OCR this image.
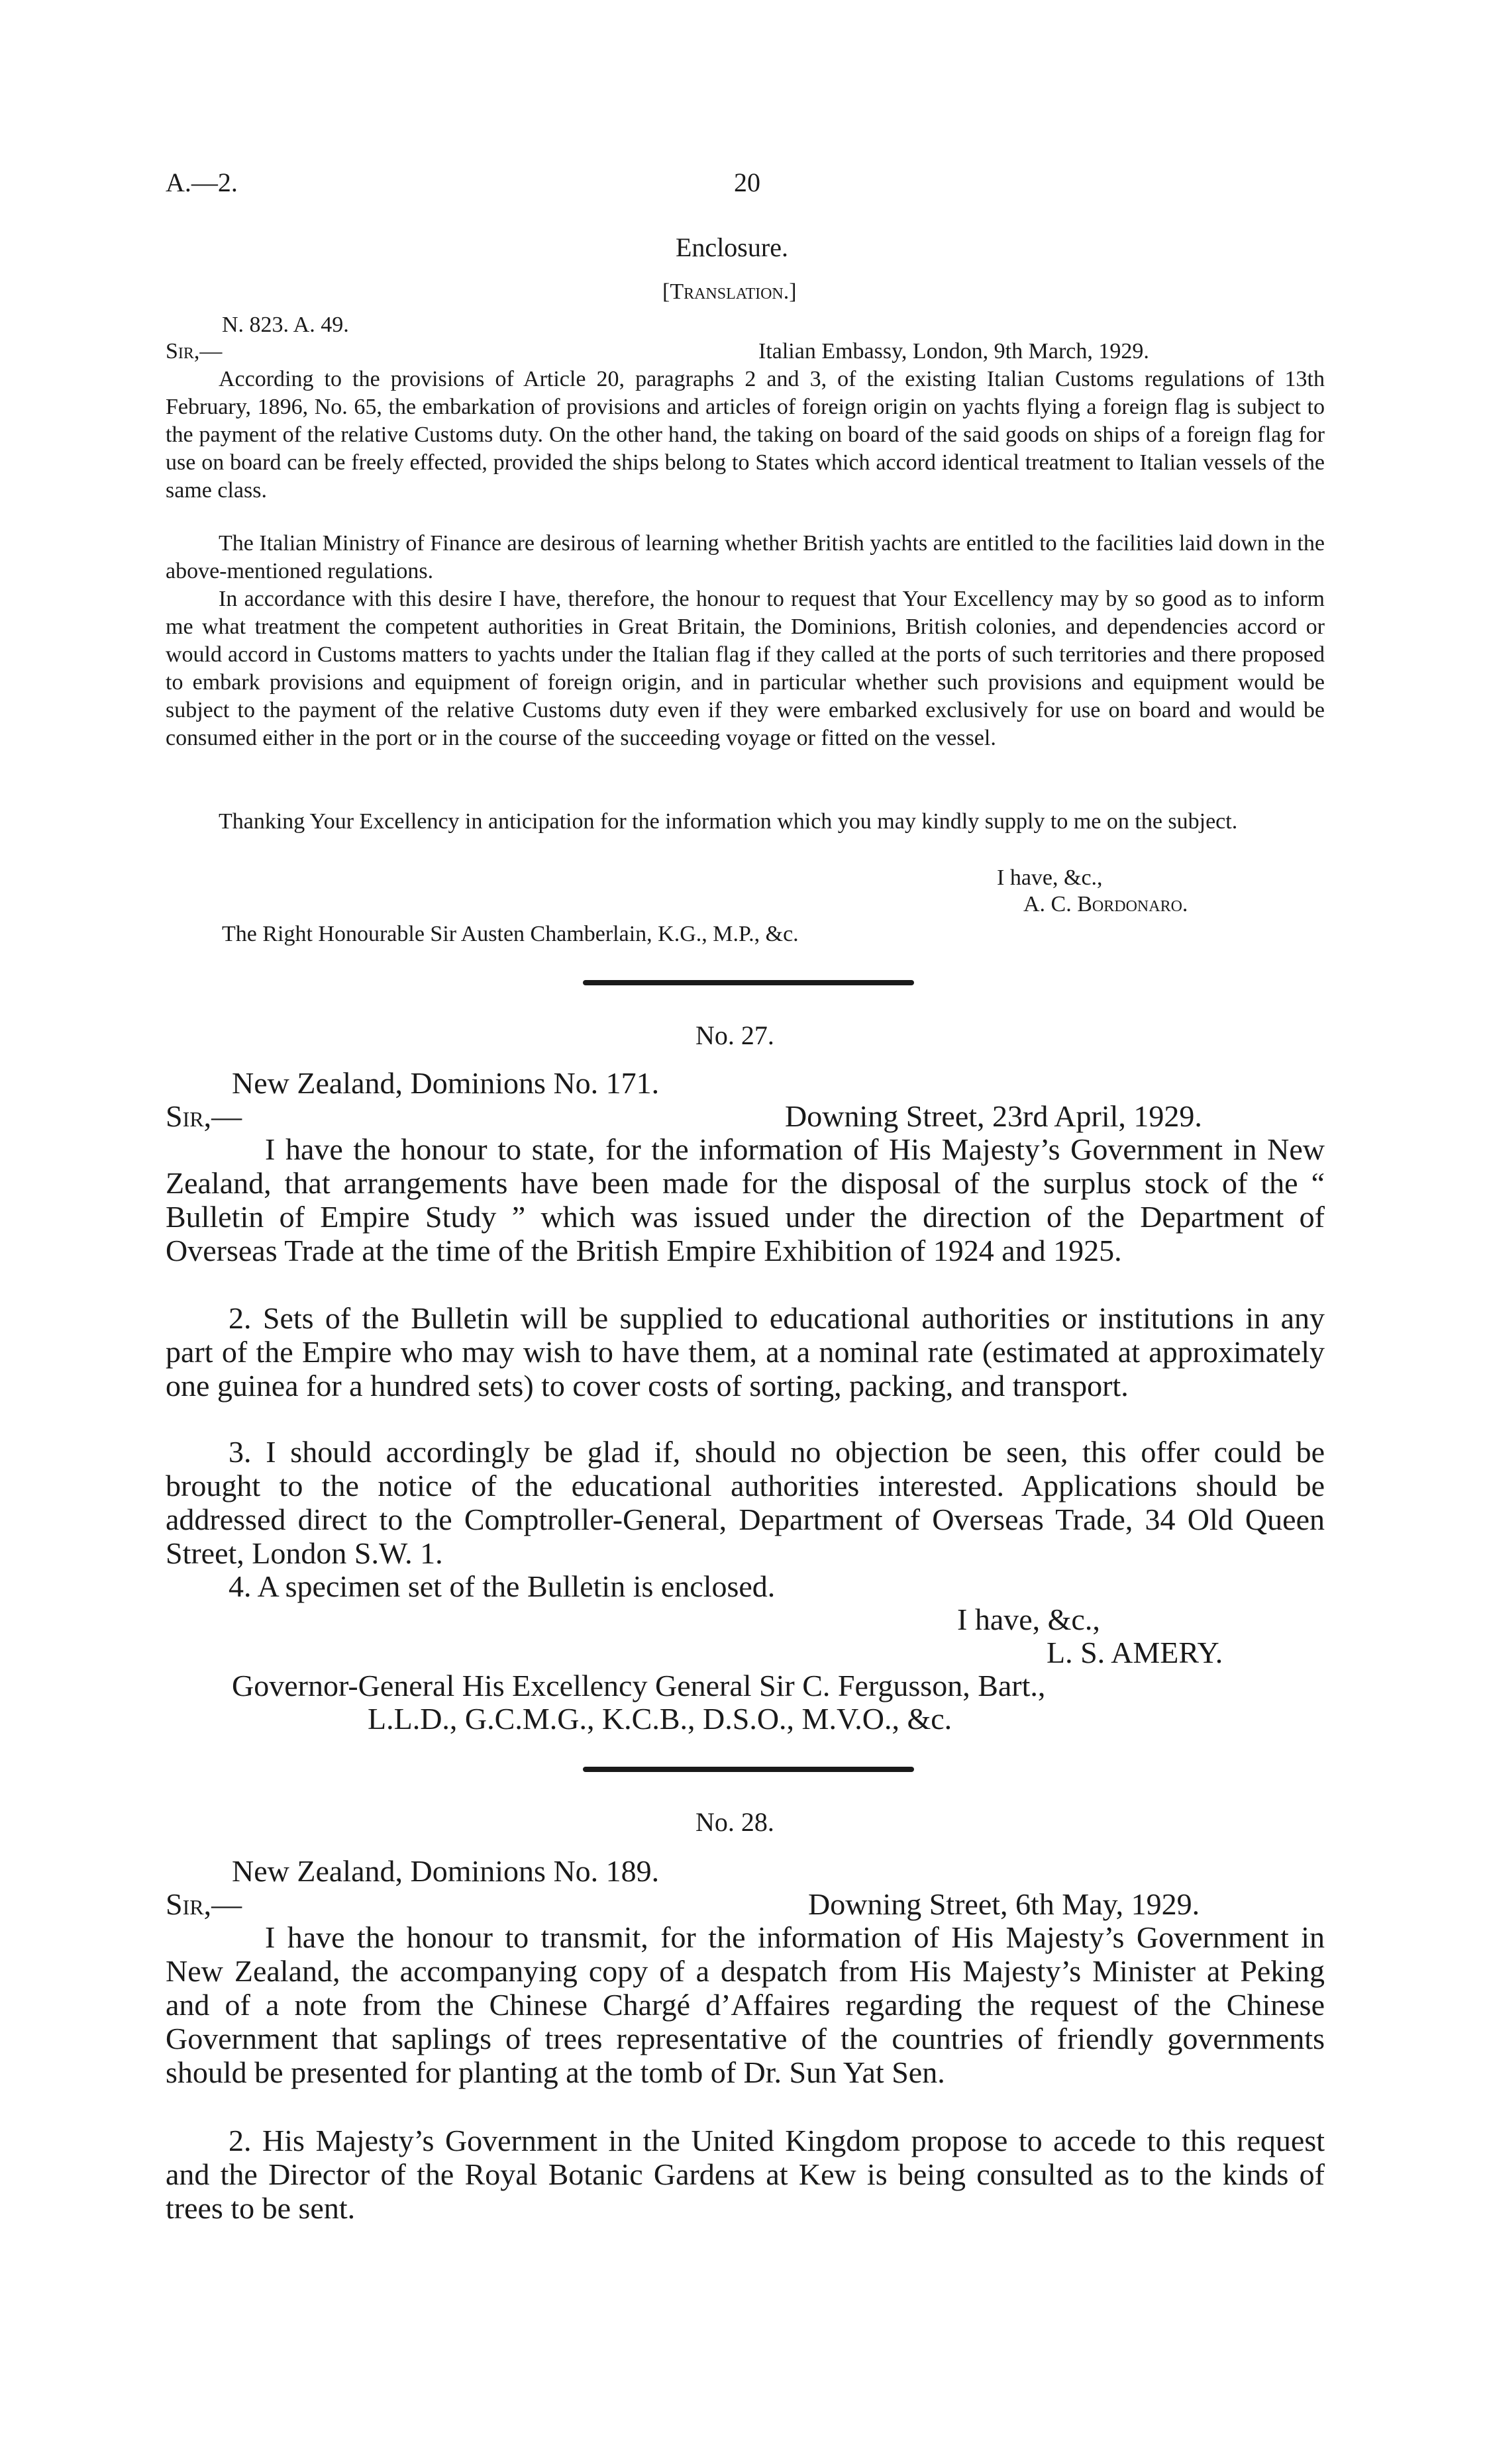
A.—2.	20
Enclosure.
[Translation.]
N. 823. A. 49.
Sir,—	Italian Embassy, London, 9th March, 1929.

According to the provisions of Article 20, paragraphs 2 and 3, of the existing Italian Customs regulations of 13th February, 1896, No. 65, the embarkation of provisions and articles of foreign origin on yachts flying a foreign flag is subject to the payment of the relative Customs duty. On the other hand, the taking on board of the said goods on ships of a foreign flag for use on board can be freely effected, provided the ships belong to States which accord identical treatment to Italian vessels of the same class.

The Italian Ministry of Finance are desirous of learning whether British yachts are entitled to the facilities laid down in the above-mentioned regulations.

In accordance with this desire I have, therefore, the honour to request that Your Excellency may by so good as to inform me what treatment the competent authorities in Great Britain, the Dominions, British colonies, and dependencies accord or would accord in Customs matters to yachts under the Italian flag if they called at the ports of such territories and there proposed to embark provisions and equipment of foreign origin, and in particular whether such provisions and equipment would be subject to the payment of the relative Customs duty even if they were embarked exclusively for use on board and would be consumed either in the port or in the course of the succeeding voyage or fitted on the vessel.

Thanking Your Excellency in anticipation for the information which you may kindly supply to me on the subject.

I have, &c.,
A. C. Bordonaro.
The Right Honourable Sir Austen Chamberlain, K.G., M.P., &c.
No. 27.
New Zealand, Dominions No. 171.
Sir,—	Downing Street, 23rd April, 1929.

I have the honour to state, for the information of His Majesty’s Government in New Zealand, that arrangements have been made for the disposal of the surplus stock of the “ Bulletin of Empire Study ” which was issued under the direction of the Department of Overseas Trade at the time of the British Empire Exhibition of 1924 and 1925.

2. Sets of the Bulletin will be supplied to educational authorities or institutions in any part of the Empire who may wish to have them, at a nominal rate (estimated at approximately one guinea for a hundred sets) to cover costs of sorting, packing, and transport.

3. I should accordingly be glad if, should no objection be seen, this offer could be brought to the notice of the educational authorities interested. Applications should be addressed direct to the Comptroller-General, Department of Overseas Trade, 34 Old Queen Street, London S.W. 1.

4. A specimen set of the Bulletin is enclosed.

I have, &c.,
L. S. AMERY.
Governor-General His Excellency General Sir C. Fergusson, Bart.,
L.L.D., G.C.M.G., K.C.B., D.S.O., M.V.O., &c.
No. 28.
New Zealand, Dominions No. 189.
Sir,—	Downing Street, 6th May, 1929.

I have the honour to transmit, for the information of His Majesty’s Government in New Zealand, the accompanying copy of a despatch from His Majesty’s Minister at Peking and of a note from the Chinese Chargé d’Affaires regarding the request of the Chinese Government that saplings of trees representative of the countries of friendly governments should be presented for planting at the tomb of Dr. Sun Yat Sen.

2. His Majesty’s Government in the United Kingdom propose to accede to this request and the Director of the Royal Botanic Gardens at Kew is being consulted as to the kinds of trees to be sent.
